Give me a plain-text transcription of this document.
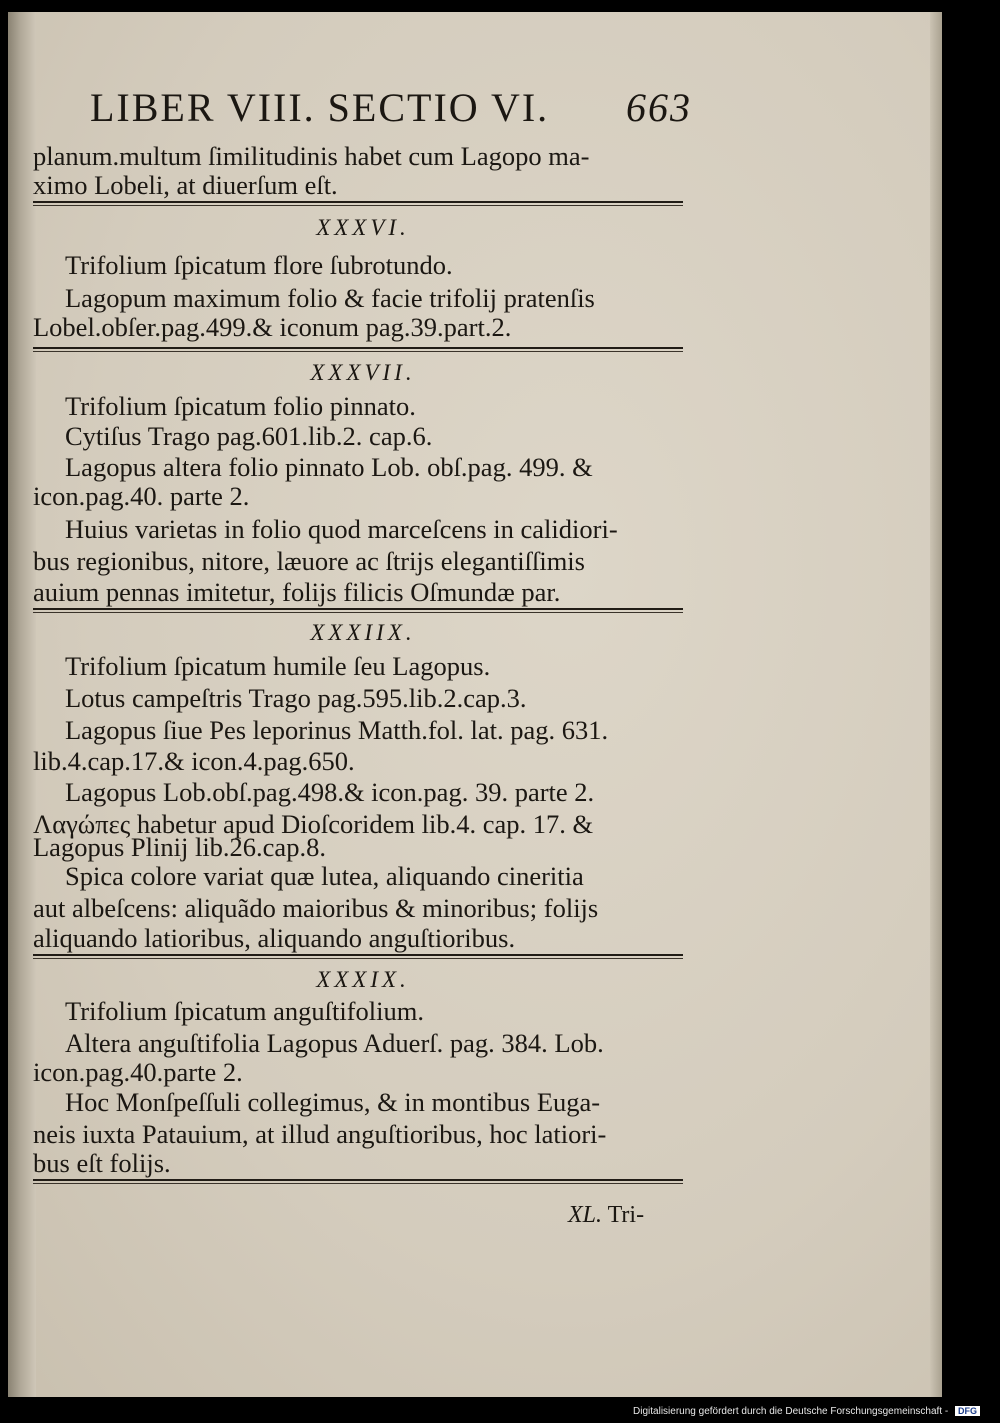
LIBER VIII. SECTIO VI. 663
planum.multum ſimilitudinis habet cum Lagopo ma-
ximo Lobeli, at diuerſum eſt.
XXXVI.
Trifolium ſpicatum flore ſubrotundo.
Lagopum maximum folio & facie trifolij pratenſis
Lobel.obſer.pag.499.& iconum pag.39.part.2.
XXXVII.
Trifolium ſpicatum folio pinnato.
Cytiſus Trago pag.601.lib.2. cap.6.
Lagopus altera folio pinnato Lob. obſ.pag. 499. &
icon.pag.40. parte 2.
Huius varietas in folio quod marceſcens in calidiori-
bus regionibus, nitore, læuore ac ſtrijs elegantiſſimis
auium pennas imitetur, folijs filicis Oſmundæ par.
XXXIIX.
Trifolium ſpicatum humile ſeu Lagopus.
Lotus campeſtris Trago pag.595.lib.2.cap.3.
Lagopus ſiue Pes leporinus Matth.fol. lat. pag. 631.
lib.4.cap.17.& icon.4.pag.650.
Lagopus Lob.obſ.pag.498.& icon.pag. 39. parte 2.
Λαγώπες habetur apud Dioſcoridem lib.4. cap. 17. &
Lagopus Plinij lib.26.cap.8.
Spica colore variat quæ lutea, aliquando cineritia
aut albeſcens: aliquãdo maioribus & minoribus; folijs
aliquando latioribus, aliquando anguſtioribus.
XXXIX.
Trifolium ſpicatum anguſtifolium.
Altera anguſtifolia Lagopus Aduerſ. pag. 384. Lob.
icon.pag.40.parte 2.
Hoc Monſpeſſuli collegimus, & in montibus Euga-
neis iuxta Patauium, at illud anguſtioribus, hoc latiori-
bus eſt folijs.
XL. Tri-
Digitalisierung gefördert durch die Deutsche Forschungsgemeinschaft - DFG
